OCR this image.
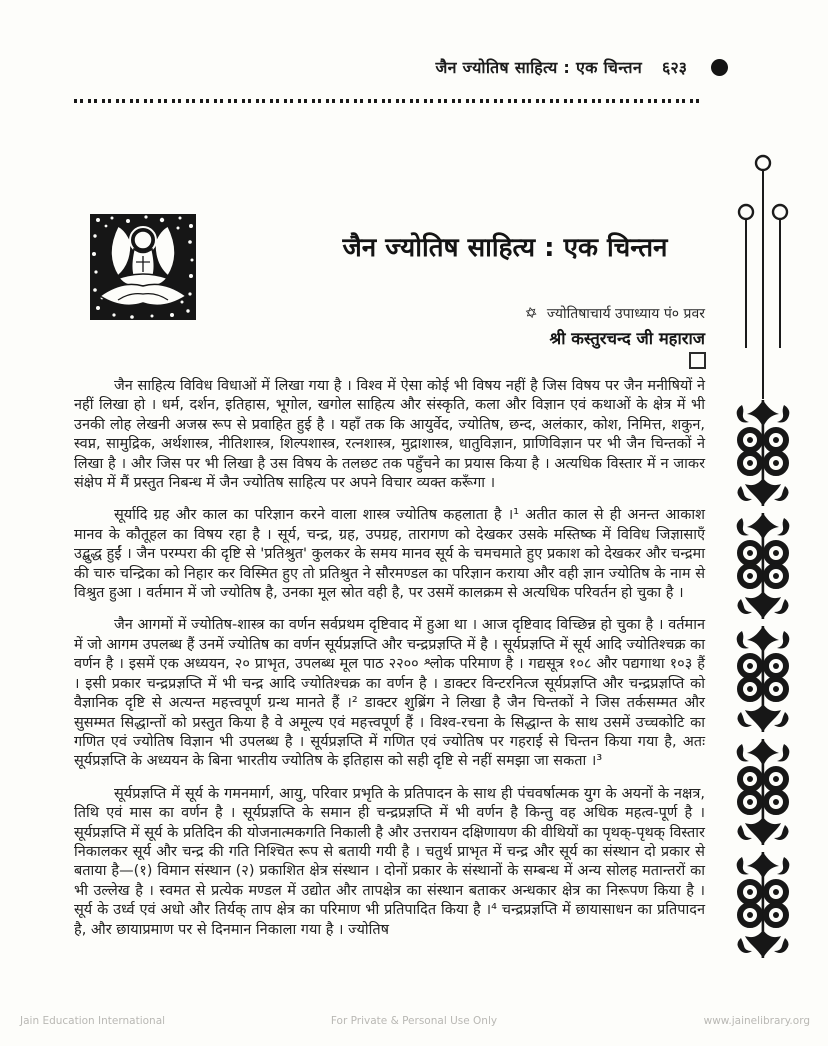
जैन ज्योतिष साहित्य : एक चिन्तन ६२३
जैन ज्योतिष साहित्य : एक चिन्तन
✡ ज्योतिषाचार्य उपाध्याय पं० प्रवर
श्री कस्तुरचन्द जी महाराज

जैन साहित्य विविध विधाओं में लिखा गया है । विश्व में ऐसा कोई भी विषय नहीं है जिस विषय पर जैन मनीषियों ने नहीं लिखा हो । धर्म, दर्शन, इतिहास, भूगोल, खगोल साहित्य और संस्कृति, कला और विज्ञान एवं कथाओं के क्षेत्र में भी उनकी लोह लेखनी अजस्र रूप से प्रवाहित हुई है । यहाँ तक कि आयुर्वेद, ज्योतिष, छन्द, अलंकार, कोश, निमित्त, शकुन, स्वप्न, सामुद्रिक, अर्थशास्त्र, नीतिशास्त्र, शिल्पशास्त्र, रत्नशास्त्र, मुद्राशास्त्र, धातुविज्ञान, प्राणिविज्ञान पर भी जैन चिन्तकों ने लिखा है । और जिस पर भी लिखा है उस विषय के तलछट तक पहुँचने का प्रयास किया है । अत्यधिक विस्तार में न जाकर संक्षेप में मैं प्रस्तुत निबन्ध में जैन ज्योतिष साहित्य पर अपने विचार व्यक्त करूँगा ।

सूर्यादि ग्रह और काल का परिज्ञान करने वाला शास्त्र ज्योतिष कहलाता है ।¹ अतीत काल से ही अनन्त आकाश मानव के कौतूहल का विषय रहा है । सूर्य, चन्द्र, ग्रह, उपग्रह, तारागण को देखकर उसके मस्तिष्क में विविध जिज्ञासाएँ उद्बुद्ध हुईं । जैन परम्परा की दृष्टि से 'प्रतिश्रुत' कुलकर के समय मानव सूर्य के चमचमाते हुए प्रकाश को देखकर और चन्द्रमा की चारु चन्द्रिका को निहार कर विस्मित हुए तो प्रतिश्रुत ने सौरमण्डल का परिज्ञान कराया और वही ज्ञान ज्योतिष के नाम से विश्रुत हुआ । वर्तमान में जो ज्योतिष है, उनका मूल स्रोत वही है, पर उसमें कालक्रम से अत्यधिक परिवर्तन हो चुका है ।

जैन आगमों में ज्योतिष-शास्त्र का वर्णन सर्वप्रथम दृष्टिवाद में हुआ था । आज दृष्टिवाद विच्छिन्न हो चुका है । वर्तमान में जो आगम उपलब्ध हैं उनमें ज्योतिष का वर्णन सूर्यप्रज्ञप्ति और चन्द्रप्रज्ञप्ति में है । सूर्यप्रज्ञप्ति में सूर्य आदि ज्योतिश्चक्र का वर्णन है । इसमें एक अध्ययन, २० प्राभृत, उपलब्ध मूल पाठ २२०० श्लोक परिमाण है । गद्यसूत्र १०८ और पद्यगाथा १०३ हैं । इसी प्रकार चन्द्रप्रज्ञप्ति में भी चन्द्र आदि ज्योतिश्चक्र का वर्णन है । डाक्टर विन्टरनित्ज सूर्यप्रज्ञप्ति और चन्द्रप्रज्ञप्ति को वैज्ञानिक दृष्टि से अत्यन्त महत्त्वपूर्ण ग्रन्थ मानते हैं ।² डाक्टर शुब्रिंग ने लिखा है जैन चिन्तकों ने जिस तर्कसम्मत और सुसम्मत सिद्धान्तों को प्रस्तुत किया है वे अमूल्य एवं महत्त्वपूर्ण हैं । विश्व-रचना के सिद्धान्त के साथ उसमें उच्चकोटि का गणित एवं ज्योतिष विज्ञान भी उपलब्ध है । सूर्यप्रज्ञप्ति में गणित एवं ज्योतिष पर गहराई से चिन्तन किया गया है, अतः सूर्यप्रज्ञप्ति के अध्ययन के बिना भारतीय ज्योतिष के इतिहास को सही दृष्टि से नहीं समझा जा सकता ।³

सूर्यप्रज्ञप्ति में सूर्य के गमनमार्ग, आयु, परिवार प्रभृति के प्रतिपादन के साथ ही पंचवर्षात्मक युग के अयनों के नक्षत्र, तिथि एवं मास का वर्णन है । सूर्यप्रज्ञप्ति के समान ही चन्द्रप्रज्ञप्ति में भी वर्णन है किन्तु वह अधिक महत्व-पूर्ण है । सूर्यप्रज्ञप्ति में सूर्य के प्रतिदिन की योजनात्मकगति निकाली है और उत्तरायन दक्षिणायण की वीथियों का पृथक्-पृथक् विस्तार निकालकर सूर्य और चन्द्र की गति निश्चित रूप से बतायी गयी है । चतुर्थ प्राभृत में चन्द्र और सूर्य का संस्थान दो प्रकार से बताया है—(१) विमान संस्थान (२) प्रकाशित क्षेत्र संस्थान । दोनों प्रकार के संस्थानों के सम्बन्ध में अन्य सोलह मतान्तरों का भी उल्लेख है । स्वमत से प्रत्येक मण्डल में उद्योत और तापक्षेत्र का संस्थान बताकर अन्धकार क्षेत्र का निरूपण किया है । सूर्य के उर्ध्व एवं अधो और तिर्यक् ताप क्षेत्र का परिमाण भी प्रतिपादित किया है ।⁴ चन्द्रप्रज्ञप्ति में छायासाधन का प्रतिपादन है, और छायाप्रमाण पर से दिनमान निकाला गया है । ज्योतिष

Jain Education International	For Private & Personal Use Only	www.jainelibrary.org
